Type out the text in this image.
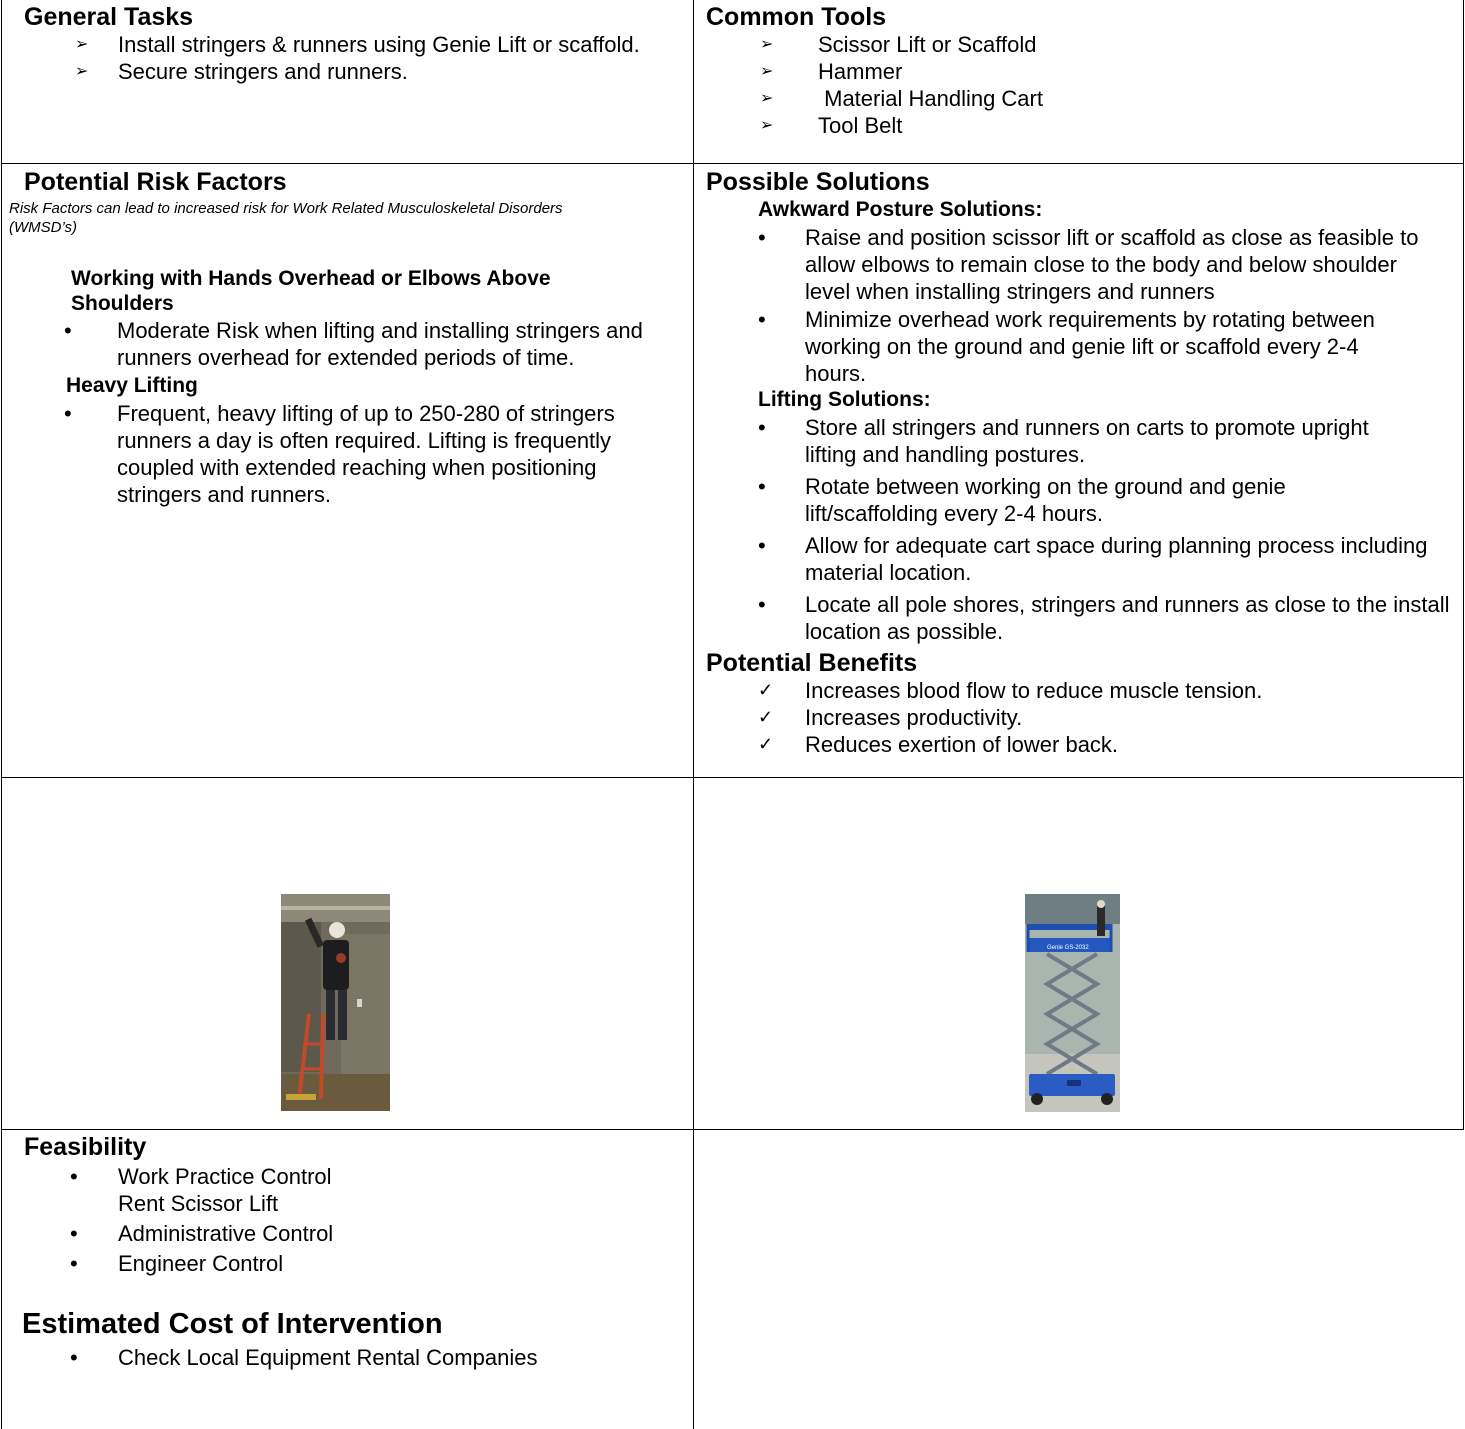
General Tasks
➢ Install stringers & runners using Genie Lift or scaffold.
➢ Secure stringers and runners.
Common Tools
➢ Scissor Lift or Scaffold
➢ Hammer
➢ Material Handling Cart
➢ Tool Belt
Potential Risk Factors
Risk Factors can lead to increased risk for Work Related Musculoskeletal Disorders (WMSD’s)
Working with Hands Overhead or Elbows Above Shoulders
• Moderate Risk when lifting and installing stringers and runners overhead for extended periods of time.
Heavy Lifting
• Frequent, heavy lifting of up to 250-280 of stringers runners a day is often required. Lifting is frequently coupled with extended reaching when positioning stringers and runners.
Possible Solutions
Awkward Posture Solutions:
• Raise and position scissor lift or scaffold as close as feasible to allow elbows to remain close to the body and below shoulder level when installing stringers and runners
• Minimize overhead work requirements by rotating between working on the ground and genie lift or scaffold every 2-4 hours.
Lifting Solutions:
• Store all stringers and runners on carts to promote upright lifting and handling postures.
• Rotate between working on the ground and genie lift/scaffolding every 2-4 hours.
• Allow for adequate cart space during planning process including material location.
• Locate all pole shores, stringers and runners as close to the install location as possible.
Potential Benefits
✓ Increases blood flow to reduce muscle tension.
✓ Increases productivity.
✓ Reduces exertion of lower back.
Genie GS-2032
Feasibility
• Work Practice Control
Rent Scissor Lift
• Administrative Control
• Engineer Control
Estimated Cost of Intervention
• Check Local Equipment Rental Companies
